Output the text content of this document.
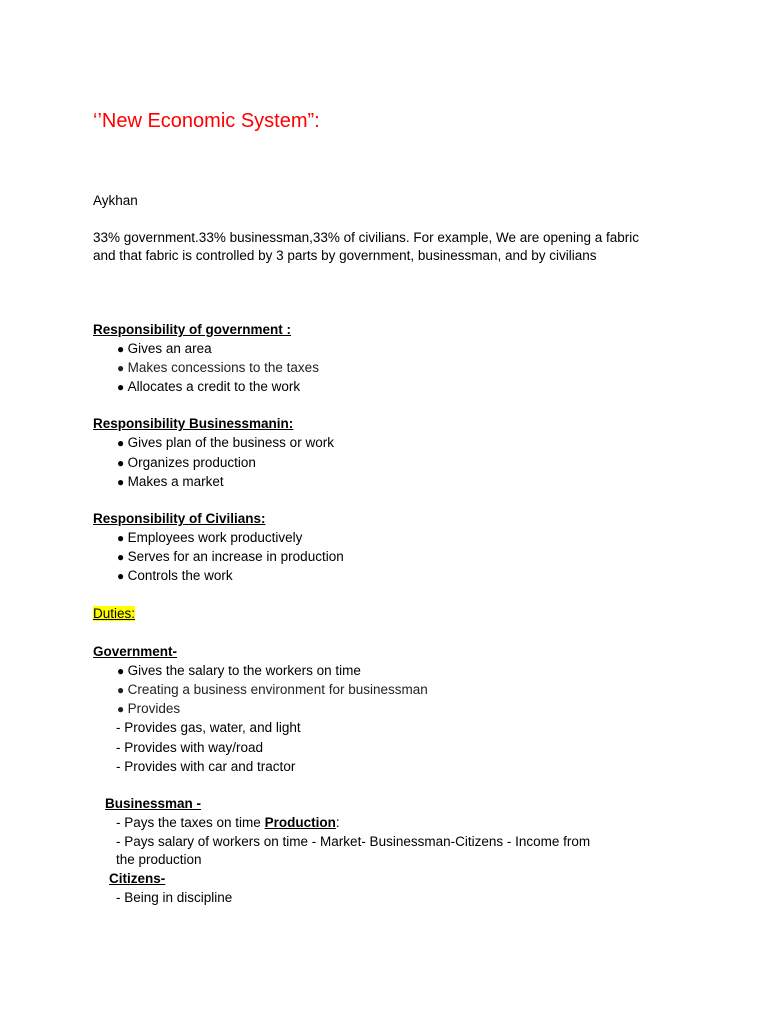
‘’New Economic System”:
Aykhan
33% government.33% businessman,33% of civilians. For example, We are opening a fabric
and that fabric is controlled by 3 parts by government, businessman, and by civilians
Responsibility of government :
● Gives an area
● Makes concessions to the taxes
● Allocates a credit to the work
Responsibility Businessmanin:
● Gives plan of the business or work
● Organizes production
● Makes a market
Responsibility of Civilians:
● Employees work productively
● Serves for an increase in production
● Controls the work
Duties:
Government-
● Gives the salary to the workers on time
● Creating a business environment for businessman
● Provides
- Provides gas, water, and light
- Provides with way/road
- Provides with car and tractor
Businessman -
- Pays the taxes on time Production:
- Pays salary of workers on time - Market- Businessman-Citizens - Income from
the production
Citizens-
- Being in discipline
